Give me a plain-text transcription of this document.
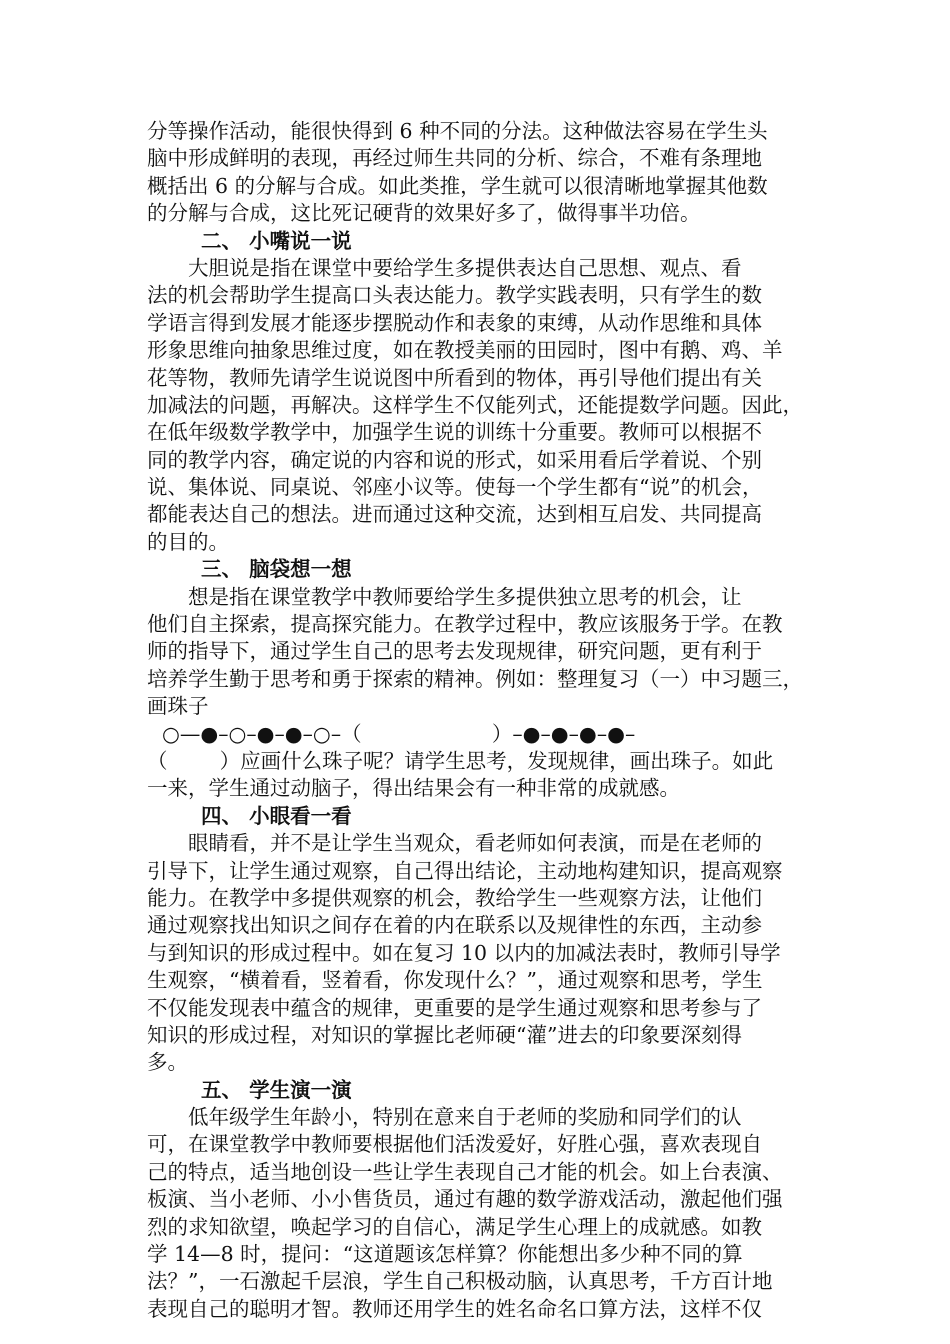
分等操作活动，能很快得到 6 种不同的分法。这种做法容易在学生头
脑中形成鲜明的表现，再经过师生共同的分析、综合，不难有条理地
概括出 6 的分解与合成。如此类推，学生就可以很清晰地掌握其他数
的分解与合成，这比死记硬背的效果好多了，做得事半功倍。
二、 小嘴说一说
　　大胆说是指在课堂中要给学生多提供表达自己思想、观点、看
法的机会帮助学生提高口头表达能力。教学实践表明，只有学生的数
学语言得到发展才能逐步摆脱动作和表象的束缚，从动作思维和具体
形象思维向抽象思维过度，如在教授美丽的田园时，图中有鹅、鸡、羊
花等物，教师先请学生说说图中所看到的物体，再引导他们提出有关
加减法的问题，再解决。这样学生不仅能列式，还能提数学问题。因此，
在低年级数学教学中，加强学生说的训练十分重要。教师可以根据不
同的教学内容，确定说的内容和说的形式，如采用看后学着说、个别
说、集体说、同桌说、邻座小议等。使每一个学生都有“说”的机会，
都能表达自己的想法。进而通过这种交流，达到相互启发、共同提高
的目的。
三、 脑袋想一想
　　想是指在课堂教学中教师要给学生多提供独立思考的机会，让
他们自主探索，提高探究能力。在教学过程中，教应该服务于学。在教
师的指导下，通过学生自己的思考去发现规律，研究问题，更有利于
培养学生勤于思考和勇于探索的精神。例如：整理复习（一）中习题三，
画珠子
○—●–○–●–●–○–（                    ）–●–●–●–●–
（        ）应画什么珠子呢？请学生思考，发现规律，画出珠子。如此
一来，学生通过动脑子，得出结果会有一种非常的成就感。
四、 小眼看一看
　　眼睛看，并不是让学生当观众，看老师如何表演，而是在老师的
引导下，让学生通过观察，自己得出结论，主动地构建知识，提高观察
能力。在教学中多提供观察的机会，教给学生一些观察方法，让他们
通过观察找出知识之间存在着的内在联系以及规律性的东西，主动参
与到知识的形成过程中。如在复习 10 以内的加减法表时，教师引导学
生观察，“横着看，竖着看，你发现什么？”，通过观察和思考，学生
不仅能发现表中蕴含的规律，更重要的是学生通过观察和思考参与了
知识的形成过程，对知识的掌握比老师硬“灌”进去的印象要深刻得
多。
五、 学生演一演
　　低年级学生年龄小，特别在意来自于老师的奖励和同学们的认
可，在课堂教学中教师要根据他们活泼爱好，好胜心强，喜欢表现自
己的特点，适当地创设一些让学生表现自己才能的机会。如上台表演、
板演、当小老师、小小售货员，通过有趣的数学游戏活动，激起他们强
烈的求知欲望，唤起学习的自信心，满足学生心理上的成就感。如教
学 14—8 时，提问：“这道题该怎样算？你能想出多少种不同的算
法？”，一石激起千层浪，学生自己积极动脑，认真思考，千方百计地
表现自己的聪明才智。教师还用学生的姓名命名口算方法，这样不仅
